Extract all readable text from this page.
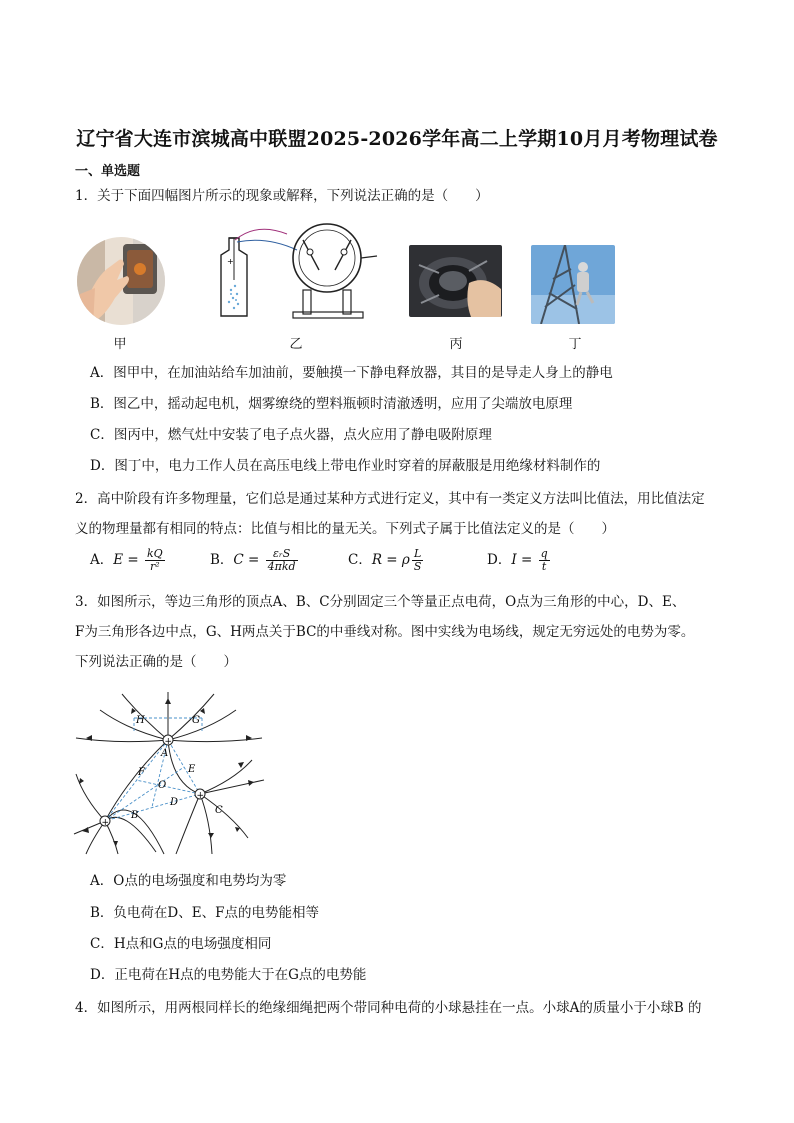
辽宁省大连市滨城高中联盟2025-2026学年高二上学期10月月考物理试卷
一、单选题
1．关于下面四幅图片所示的现象或解释，下列说法正确的是（　　）
+
甲	乙	丙	丁
A．图甲中，在加油站给车加油前，要触摸一下静电释放器，其目的是导走人身上的静电
B．图乙中，摇动起电机，烟雾缭绕的塑料瓶顿时清澈透明，应用了尖端放电原理
C．图丙中，燃气灶中安装了电子点火器，点火应用了静电吸附原理
D．图丁中，电力工作人员在高压电线上带电作业时穿着的屏蔽服是用绝缘材料制作的
2．高中阶段有许多物理量，它们总是通过某种方式进行定义，其中有一类定义方法叫比值法，用比值法定
义的物理量都有相同的特点：比值与相比的量无关。下列式子属于比值法定义的是（　　）
A．$E = \frac{kQ}{\text{r²}}$	B．$C = \frac{\text{εᵣS}}{\text{4πkd}}$	C．R = ρ $\frac{L}{S}$	D．$I = \frac{q}{t}$
3．如图所示，等边三角形的顶点A、B、C分别固定三个等量正点电荷，O点为三角形的中心，D、E、
F为三角形各边中点，G、H两点关于BC的中垂线对称。图中实线为电场线，规定无穷远处的电势为零。
下列说法正确的是（　　）
+
+
+
H	G
A
F	E
O
D
B	C
A．O点的电场强度和电势均为零
B．负电荷在D、E、F点的电势能相等
C．H点和G点的电场强度相同
D．正电荷在H点的电势能大于在G点的电势能
4．如图所示，用两根同样长的绝缘细绳把两个带同种电荷的小球悬挂在一点。小球A的质量小于小球B 的
